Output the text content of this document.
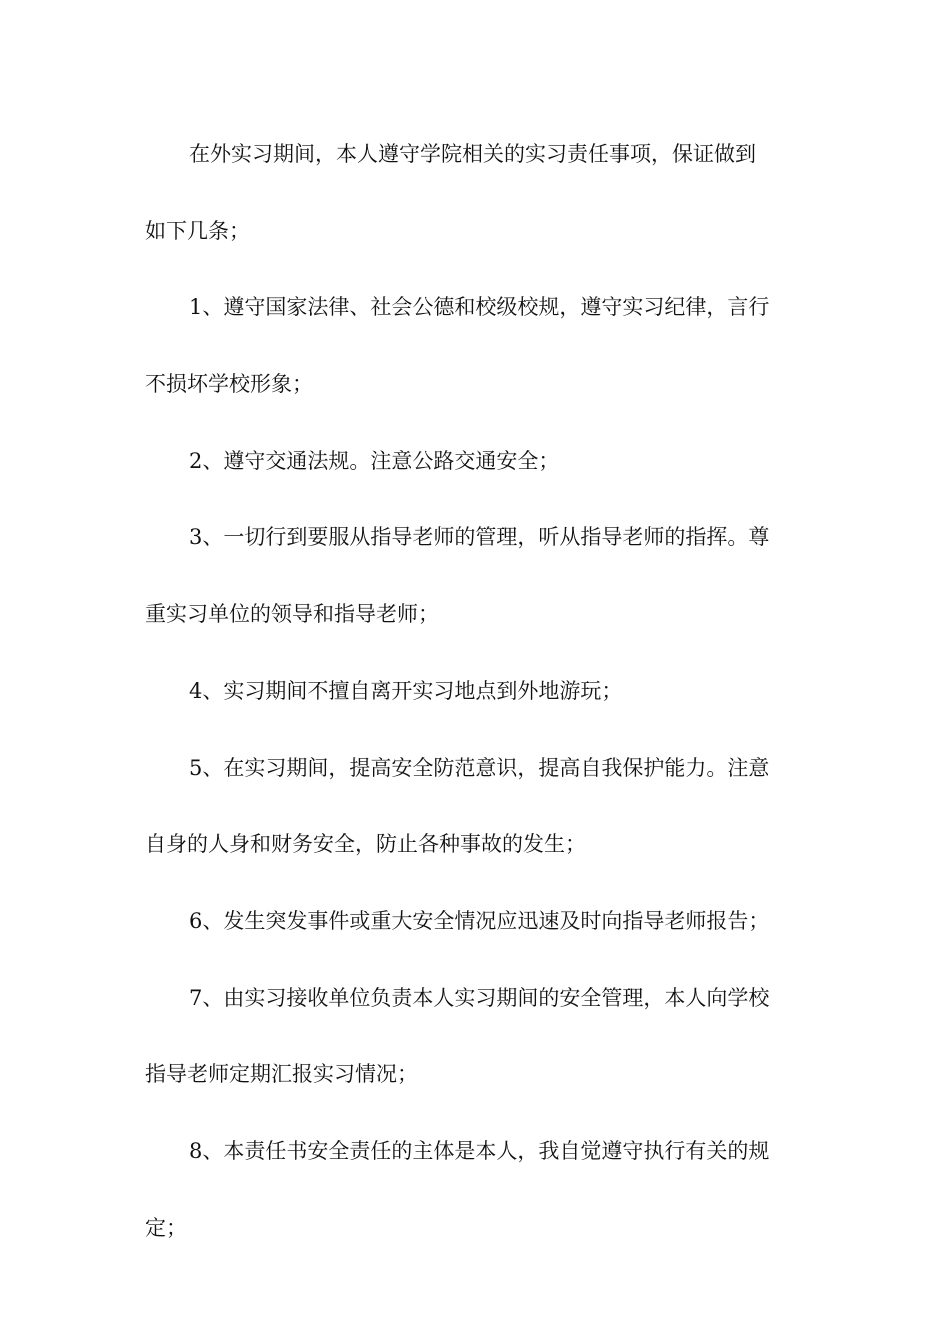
在外实习期间，本人遵守学院相关的实习责任事项，保证做到
如下几条；
1、遵守国家法律、社会公德和校级校规，遵守实习纪律，言行
不损坏学校形象；
2、遵守交通法规。注意公路交通安全；
3、一切行到要服从指导老师的管理，听从指导老师的指挥。尊
重实习单位的领导和指导老师；
4、实习期间不擅自离开实习地点到外地游玩；
5、在实习期间，提高安全防范意识，提高自我保护能力。注意
自身的人身和财务安全，防止各种事故的发生；
6、发生突发事件或重大安全情况应迅速及时向指导老师报告；
7、由实习接收单位负责本人实习期间的安全管理，本人向学校
指导老师定期汇报实习情况；
8、本责任书安全责任的主体是本人，我自觉遵守执行有关的规
定；
